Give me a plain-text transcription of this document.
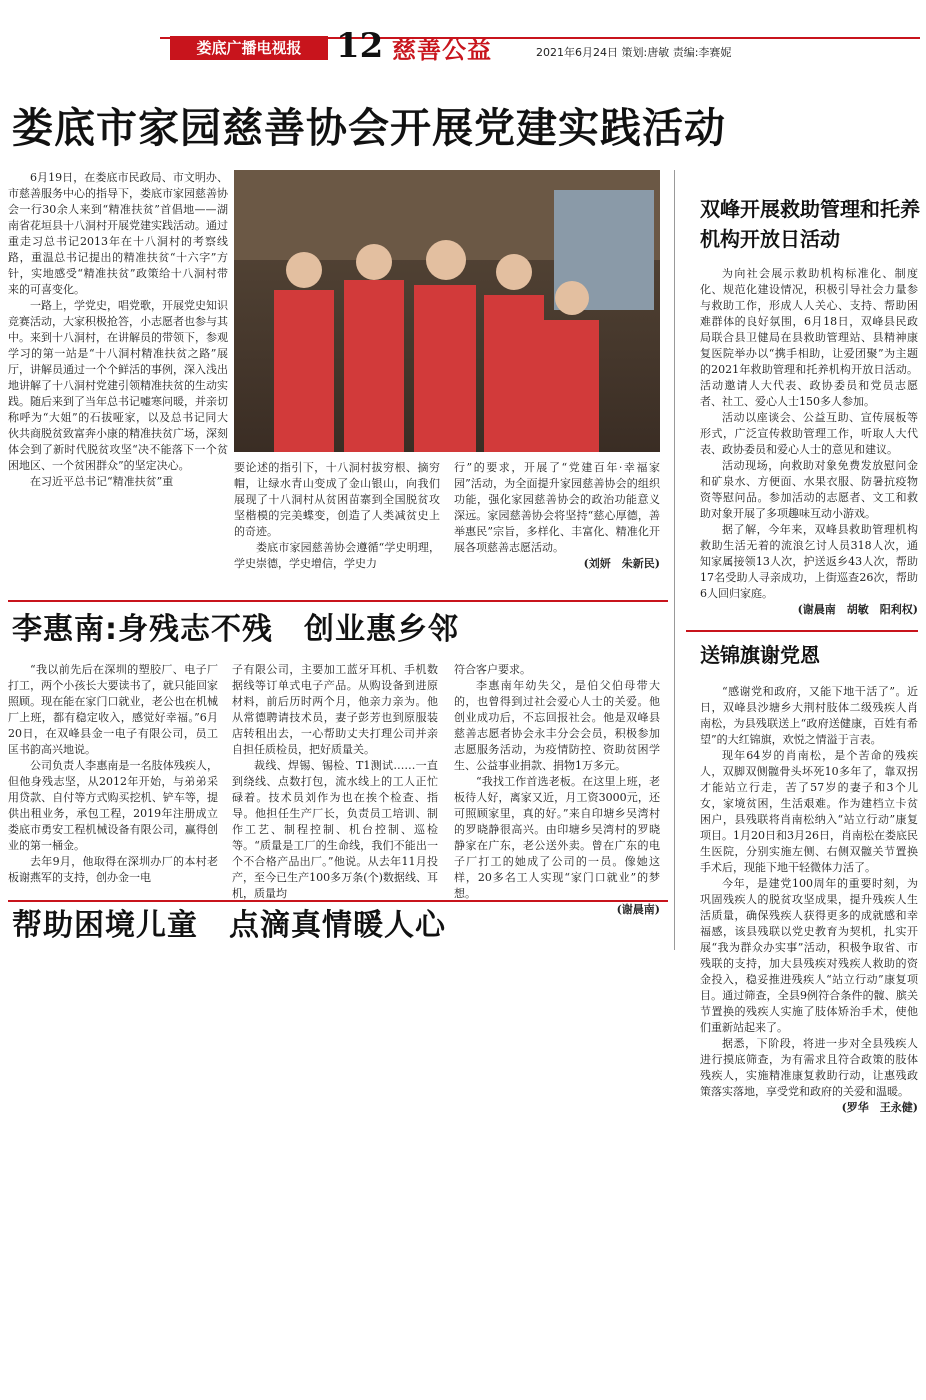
娄底广播电视报	12 慈善公益	2021年6月24日 策划:唐敏 责编:李赛妮
娄底市家园慈善协会开展党建实践活动

6月19日，在娄底市民政局、市文明办、市慈善服务中心的指导下，娄底市家园慈善协会一行30余人来到“精准扶贫”首倡地——湖南省花垣县十八洞村开展党建实践活动。通过重走习总书记2013年在十八洞村的考察线路，重温总书记提出的精准扶贫“十六字”方针，实地感受“精准扶贫”政策给十八洞村带来的可喜变化。

一路上，学党史，唱党歌，开展党史知识竞赛活动，大家积极抢答，小志愿者也参与其中。来到十八洞村，在讲解员的带领下，参观学习的第一站是“十八洞村精准扶贫之路”展厅，讲解员通过一个个鲜活的事例，深入浅出地讲解了十八洞村党建引领精准扶贫的生动实践。随后来到了当年总书记嘘寒问暖，并亲切称呼为“大姐”的石拔哑家，以及总书记同大伙共商脱贫致富奔小康的精准扶贫广场，深刻体会到了新时代脱贫攻坚“决不能落下一个贫困地区、一个贫困群众”的坚定决心。

在习近平总书记“精准扶贫”重

要论述的指引下，十八洞村拔穷根、摘穷帽，让绿水青山变成了金山银山，向我们展现了十八洞村从贫困苗寨到全国脱贫攻坚楷模的完美蝶变，创造了人类减贫史上的奇迹。

娄底市家园慈善协会遵循“学史明理，学史崇德，学史增信，学史力

行”的要求，开展了“党建百年·幸福家园”活动，为全面提升家园慈善协会的组织功能，强化家园慈善协会的政治功能意义深远。家园慈善协会将坚持“慈心厚德，善举惠民”宗旨，多样化、丰富化、精准化开展各项慈善志愿活动。

(刘妍　朱新民)

双峰开展救助管理和托养机构开放日活动

为向社会展示救助机构标准化、制度化、规范化建设情况，积极引导社会力量参与救助工作，形成人人关心、支持、帮助困难群体的良好氛围，6月18日，双峰县民政局联合县卫健局在县救助管理站、县精神康复医院举办以“携手相助，让爱团聚”为主题的2021年救助管理和托养机构开放日活动。活动邀请人大代表、政协委员和党员志愿者、社工、爱心人士150多人参加。

活动以座谈会、公益互助、宣传展板等形式，广泛宣传救助管理工作，听取人大代表、政协委员和爱心人士的意见和建议。

活动现场，向救助对象免费发放慰问金和矿泉水、方便面、水果衣服、防暑抗疫物资等慰问品。参加活动的志愿者、文工和救助对象开展了多项趣味互动小游戏。

据了解，今年来，双峰县救助管理机构救助生活无着的流浪乞讨人员318人次，通知家属接领13人次，护送返乡43人次，帮助17名受助人寻亲成功，上街巡查26次，帮助6人回归家庭。

(谢晨南　胡敏　阳利权)

李惠南:身残志不残　创业惠乡邻

“我以前先后在深圳的塑胶厂、电子厂打工，两个小孩长大要读书了，就只能回家照顾。现在能在家门口就业，老公也在机械厂上班，都有稳定收入，感觉好幸福。”6月20日，在双峰县金一电子有限公司，员工匡书韵高兴地说。

公司负责人李惠南是一名肢体残疾人，但他身残志坚，从2012年开始，与弟弟采用贷款、自付等方式购买挖机、铲车等，提供出租业务，承包工程，2019年注册成立娄底市勇安工程机械设备有限公司，赢得创业的第一桶金。

去年9月，他取得在深圳办厂的本村老板谢燕军的支持，创办金一电

子有限公司，主要加工蓝牙耳机、手机数据线等订单式电子产品。从购设备到进原材料，前后历时两个月，他亲力亲为。他从常德聘请技术员，妻子彭芳也到原服装店转租出去，一心帮助丈夫打理公司并亲自担任质检员，把好质量关。

裁线、焊锡、锡检、T1测试……一直到绕线、点数打包，流水线上的工人正忙碌着。技术员刘作为也在挨个检查、指导。他担任生产厂长，负责员工培训、制作工艺、制程控制、机台控制、巡检等。“质量是工厂的生命线，我们不能出一个不合格产品出厂。”他说。从去年11月投产，至今已生产100多万条(个)数据线、耳机，质量均

符合客户要求。

李惠南年幼失父，是伯父伯母带大的，也曾得到过社会爱心人士的关爱。他创业成功后，不忘回报社会。他是双峰县慈善志愿者协会永丰分会会员，积极参加志愿服务活动，为疫情防控、资助贫困学生、公益事业捐款、捐物1万多元。

“我找工作首选老板。在这里上班，老板待人好，离家又近，月工资3000元，还可照顾家里，真的好。”来自印塘乡吴湾村的罗晓静很高兴。由印塘乡吴湾村的罗晓静家在广东，老公送外卖。曾在广东的电子厂打工的她成了公司的一员。像她这样，20多名工人实现“家门口就业”的梦想。

(谢晨南)

送锦旗谢党恩

“感谢党和政府，又能下地干活了”。近日，双峰县沙塘乡大荆村肢体二级残疾人肖南松，为县残联送上“政府送健康，百姓有希望”的大红锦旗，欢悦之情溢于言表。

现年64岁的肖南松，是个苦命的残疾人，双脚双侧髋骨头坏死10多年了，靠双拐才能站立行走，苦了57岁的妻子和3个儿女，家境贫困，生活艰难。作为建档立卡贫困户，县残联将肖南松纳入“站立行动”康复项目。1月20日和3月26日，肖南松在娄底民生医院，分别实施左侧、右侧双髋关节置换手术后，现能下地干轻微体力活了。

今年，是建党100周年的重要时刻，为巩固残疾人的脱贫攻坚成果，提升残疾人生活质量，确保残疾人获得更多的成就感和幸福感，该县残联以党史教育为契机，扎实开展“我为群众办实事”活动，积极争取省、市残联的支持，加大县残疾对残疾人救助的资金投入，稳妥推进残疾人“站立行动”康复项目。通过筛查，全县9例符合条件的髋、膑关节置换的残疾人实施了肢体矫治手术，使他们重新站起来了。

据悉，下阶段，将进一步对全县残疾人进行摸底筛查，为有需求且符合政策的肢体残疾人，实施精准康复救助行动，让惠残政策落实落地，享受党和政府的关爱和温暖。

(罗华　王永健)

帮助困境儿童　点滴真情暖人心
